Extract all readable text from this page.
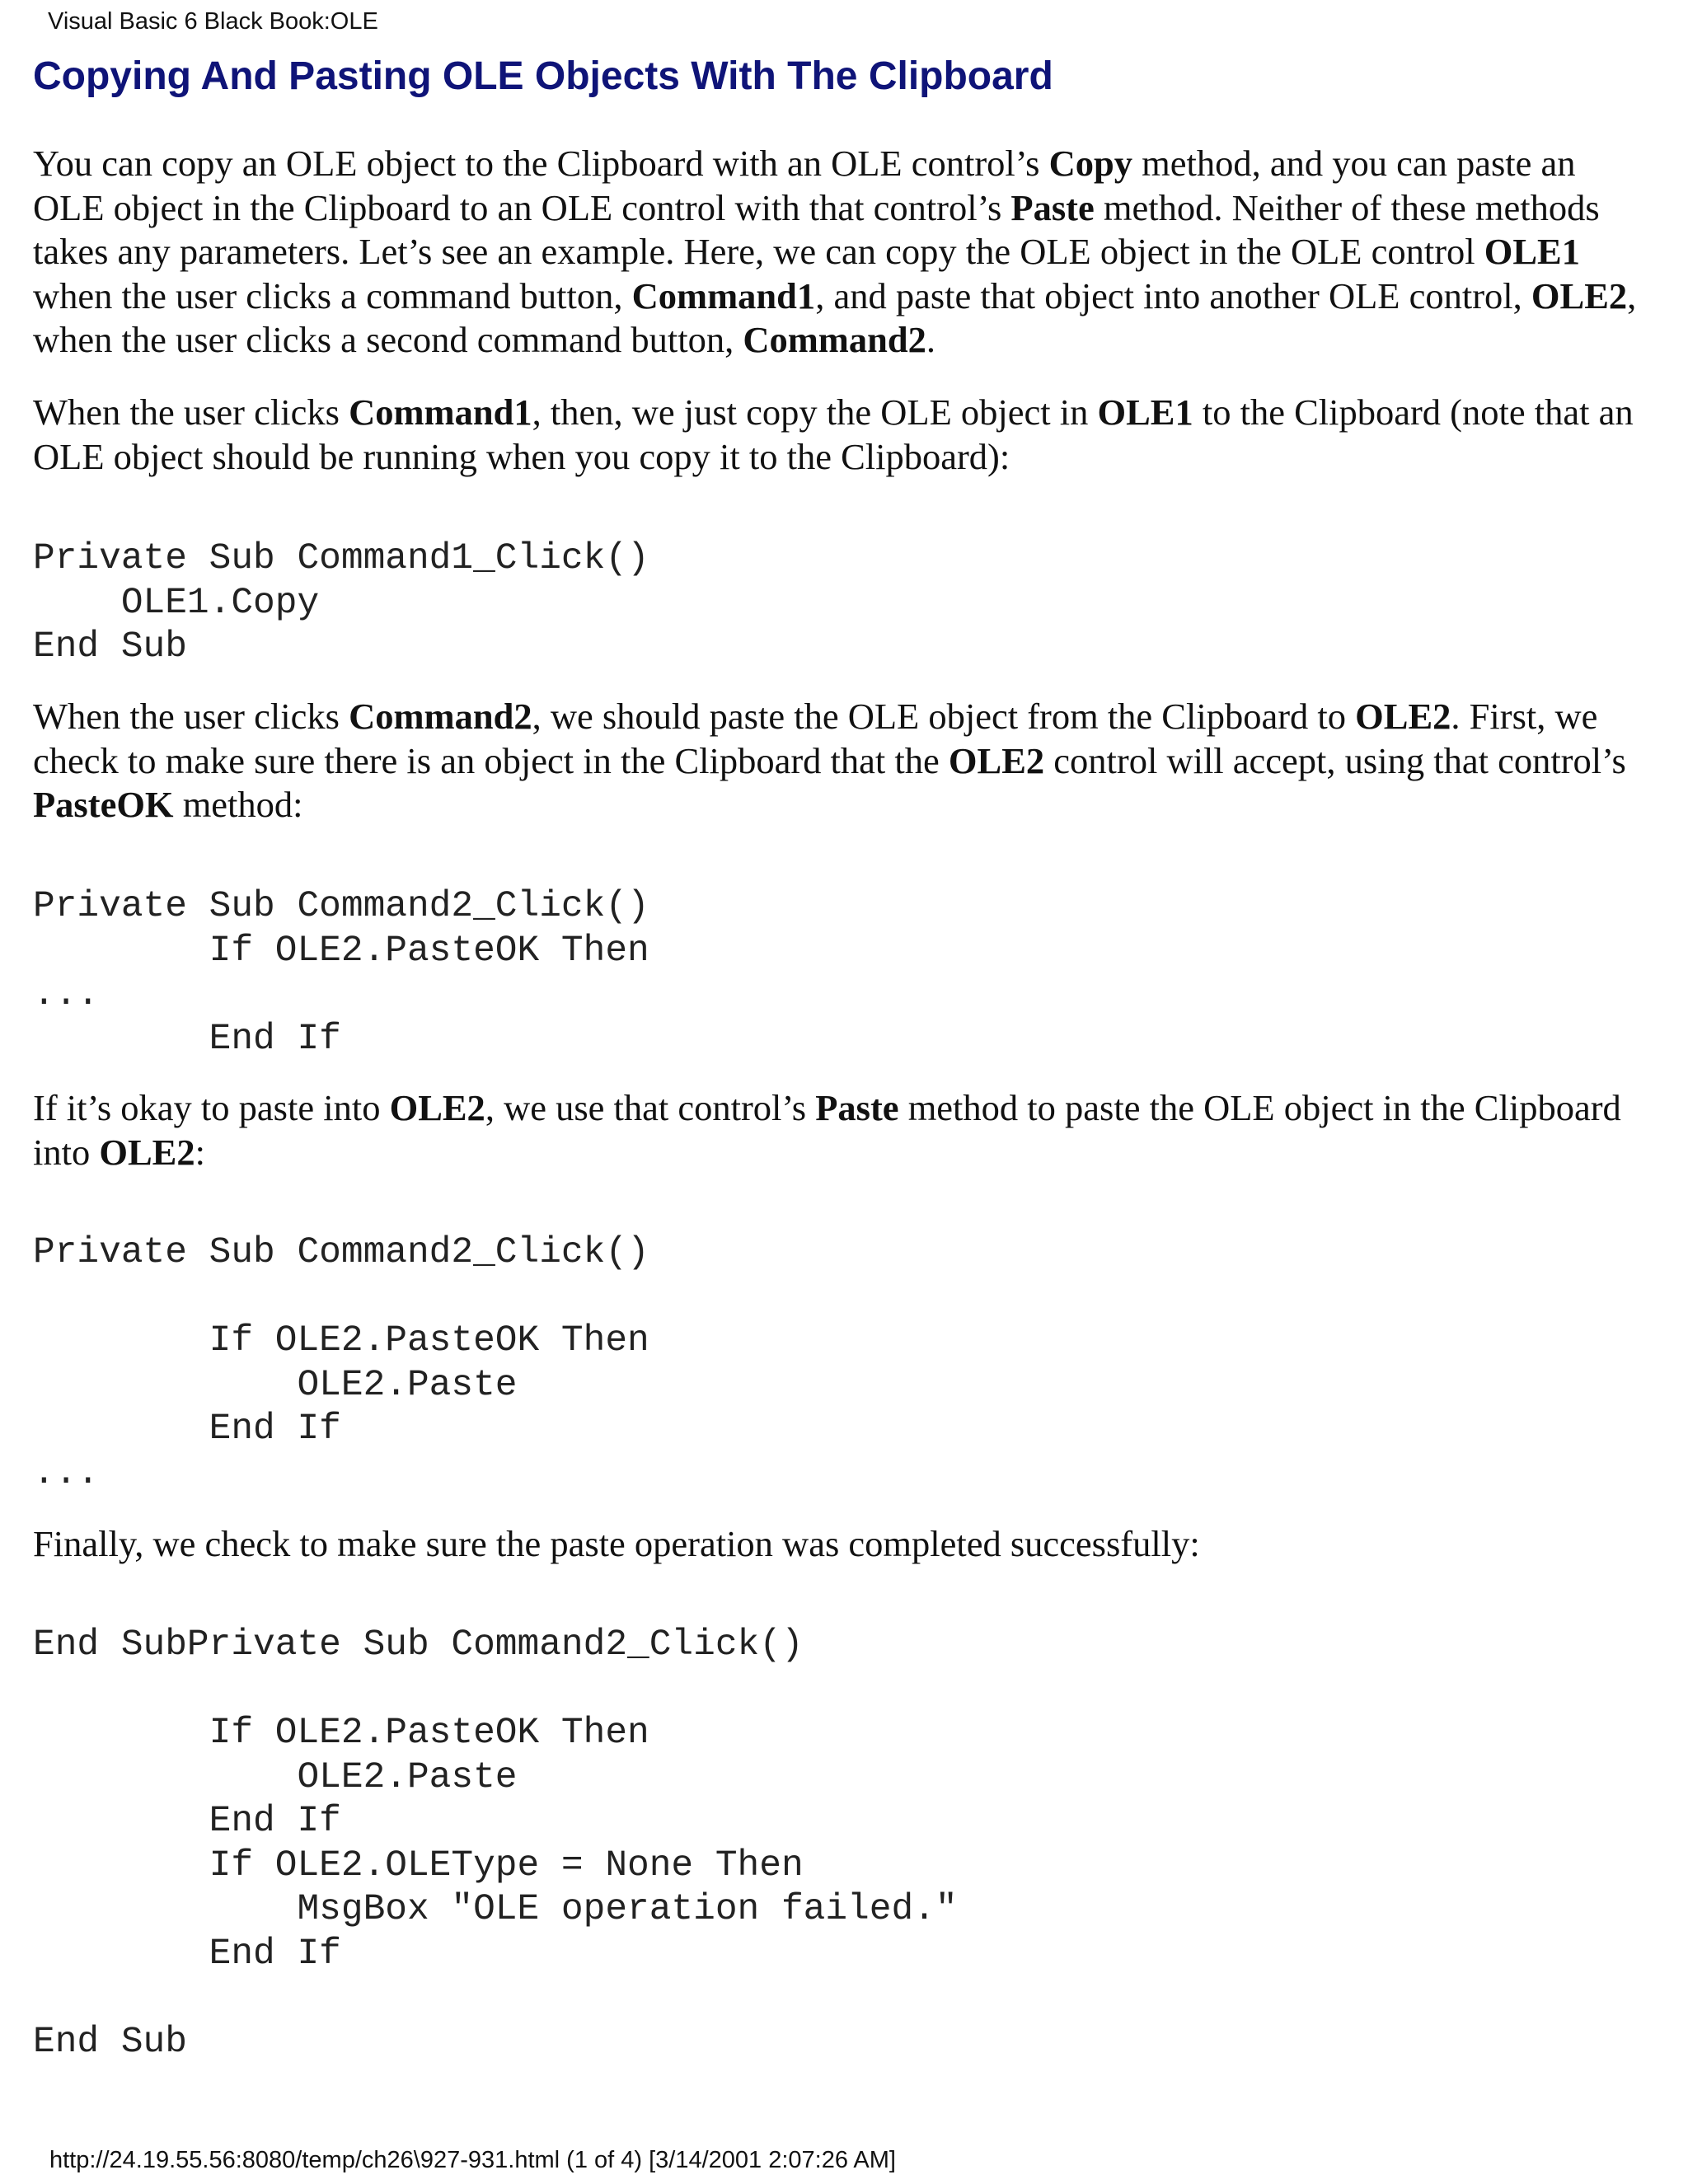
Visual Basic 6 Black Book:OLE
Copying And Pasting OLE Objects With The Clipboard

You can copy an OLE object to the Clipboard with an OLE control’s Copy method, and you can paste an OLE object in the Clipboard to an OLE control with that control’s Paste method. Neither of these methods takes any parameters. Let’s see an example. Here, we can copy the OLE object in the OLE control OLE1 when the user clicks a command button, Command1, and paste that object into another OLE control, OLE2, when the user clicks a second command button, Command2.

When the user clicks Command1, then, we just copy the OLE object in OLE1 to the Clipboard (note that an OLE object should be running when you copy it to the Clipboard):

Private Sub Command1_Click()
OLE1.Copy
End Sub

When the user clicks Command2, we should paste the OLE object from the Clipboard to OLE2. First, we check to make sure there is an object in the Clipboard that the OLE2 control will accept, using that control’s PasteOK method:

Private Sub Command2_Click()
If OLE2.PasteOK Then
...
End If

If it’s okay to paste into OLE2, we use that control’s Paste method to paste the OLE object in the Clipboard into OLE2:

Private Sub Command2_Click()
If OLE2.PasteOK Then
OLE2.Paste
End If
...

Finally, we check to make sure the paste operation was completed successfully:

End SubPrivate Sub Command2_Click()
If OLE2.PasteOK Then
OLE2.Paste
End If
If OLE2.OLEType = None Then
MsgBox "OLE operation failed."
End If
End Sub
http://24.19.55.56:8080/temp/ch26\927-931.html (1 of 4) [3/14/2001 2:07:26 AM]
